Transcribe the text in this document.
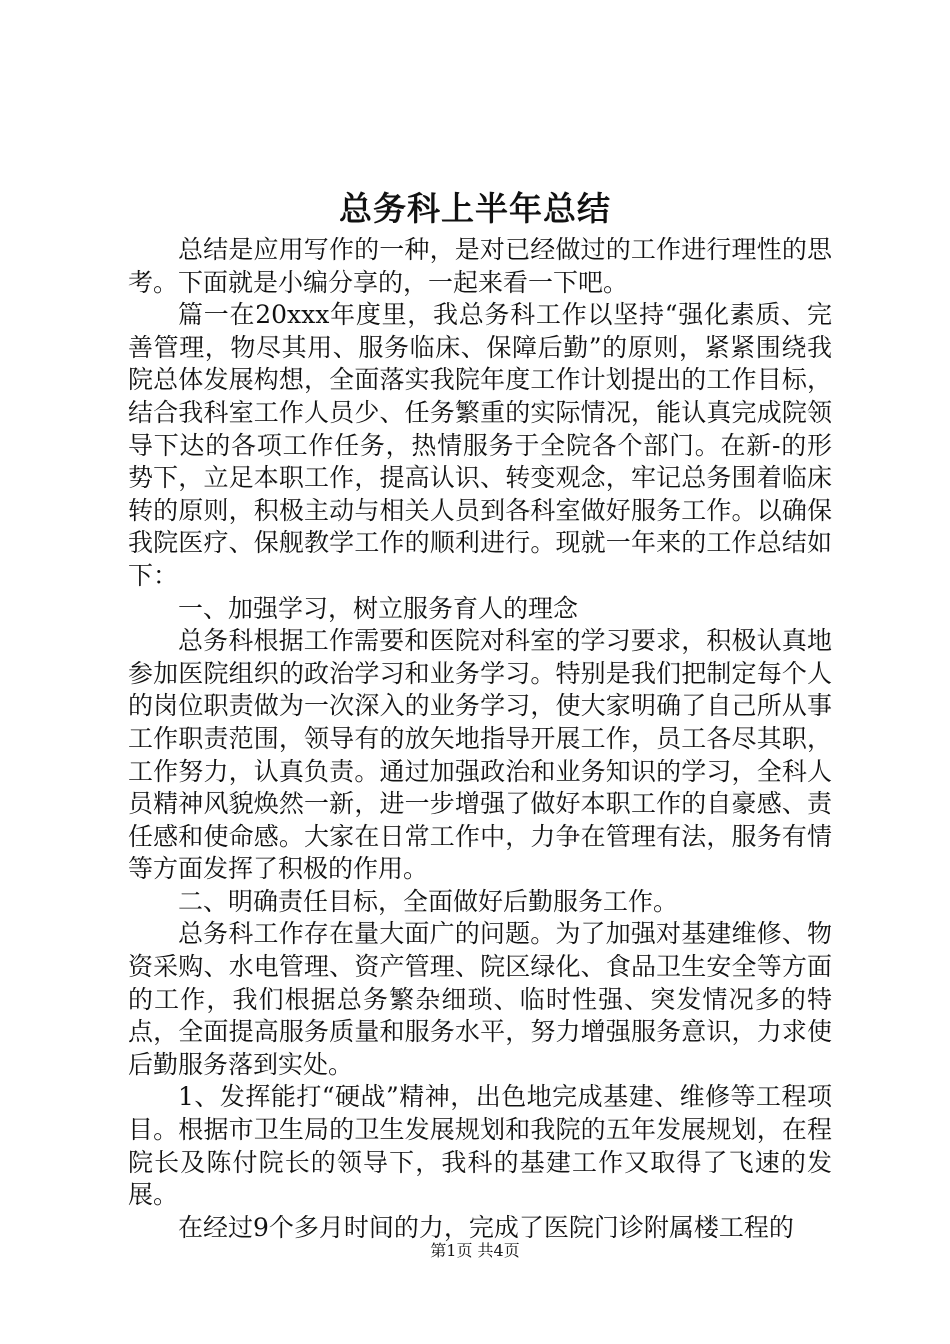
总务科上半年总结

总结是应用写作的一种，是对已经做过的工作进行理性的思考。下面就是小编分享的，一起来看一下吧。

篇一在20xxx年度里，我总务科工作以坚持“强化素质、完善管理，物尽其用、服务临床、保障后勤”的原则，紧紧围绕我院总体发展构想，全面落实我院年度工作计划提出的工作目标，结合我科室工作人员少、任务繁重的实际情况，能认真完成院领导下达的各项工作任务，热情服务于全院各个部门。在新-的形势下，立足本职工作，提高认识、转变观念，牢记总务围着临床转的原则，积极主动与相关人员到各科室做好服务工作。以确保我院医疗、保舰教学工作的顺利进行。现就一年来的工作总结如下：

一、加强学习，树立服务育人的理念

总务科根据工作需要和医院对科室的学习要求，积极认真地参加医院组织的政治学习和业务学习。特别是我们把制定每个人的岗位职责做为一次深入的业务学习，使大家明确了自己所从事工作职责范围，领导有的放矢地指导开展工作，员工各尽其职，工作努力，认真负责。通过加强政治和业务知识的学习，全科人员精神风貌焕然一新，进一步增强了做好本职工作的自豪感、责任感和使命感。大家在日常工作中，力争在管理有法，服务有情等方面发挥了积极的作用。

二、明确责任目标，全面做好后勤服务工作。

总务科工作存在量大面广的问题。为了加强对基建维修、物资采购、水电管理、资产管理、院区绿化、食品卫生安全等方面的工作，我们根据总务繁杂细琐、临时性强、突发情况多的特点，全面提高服务质量和服务水平，努力增强服务意识，力求使后勤服务落到实处。

1、发挥能打“硬战”精神，出色地完成基建、维修等工程项目。根据市卫生局的卫生发展规划和我院的五年发展规划，在程院长及陈付院长的领导下，我科的基建工作又取得了飞速的发展。

在经过9个多月时间的力，完成了医院门诊附属楼工程的

第1页 共4页
